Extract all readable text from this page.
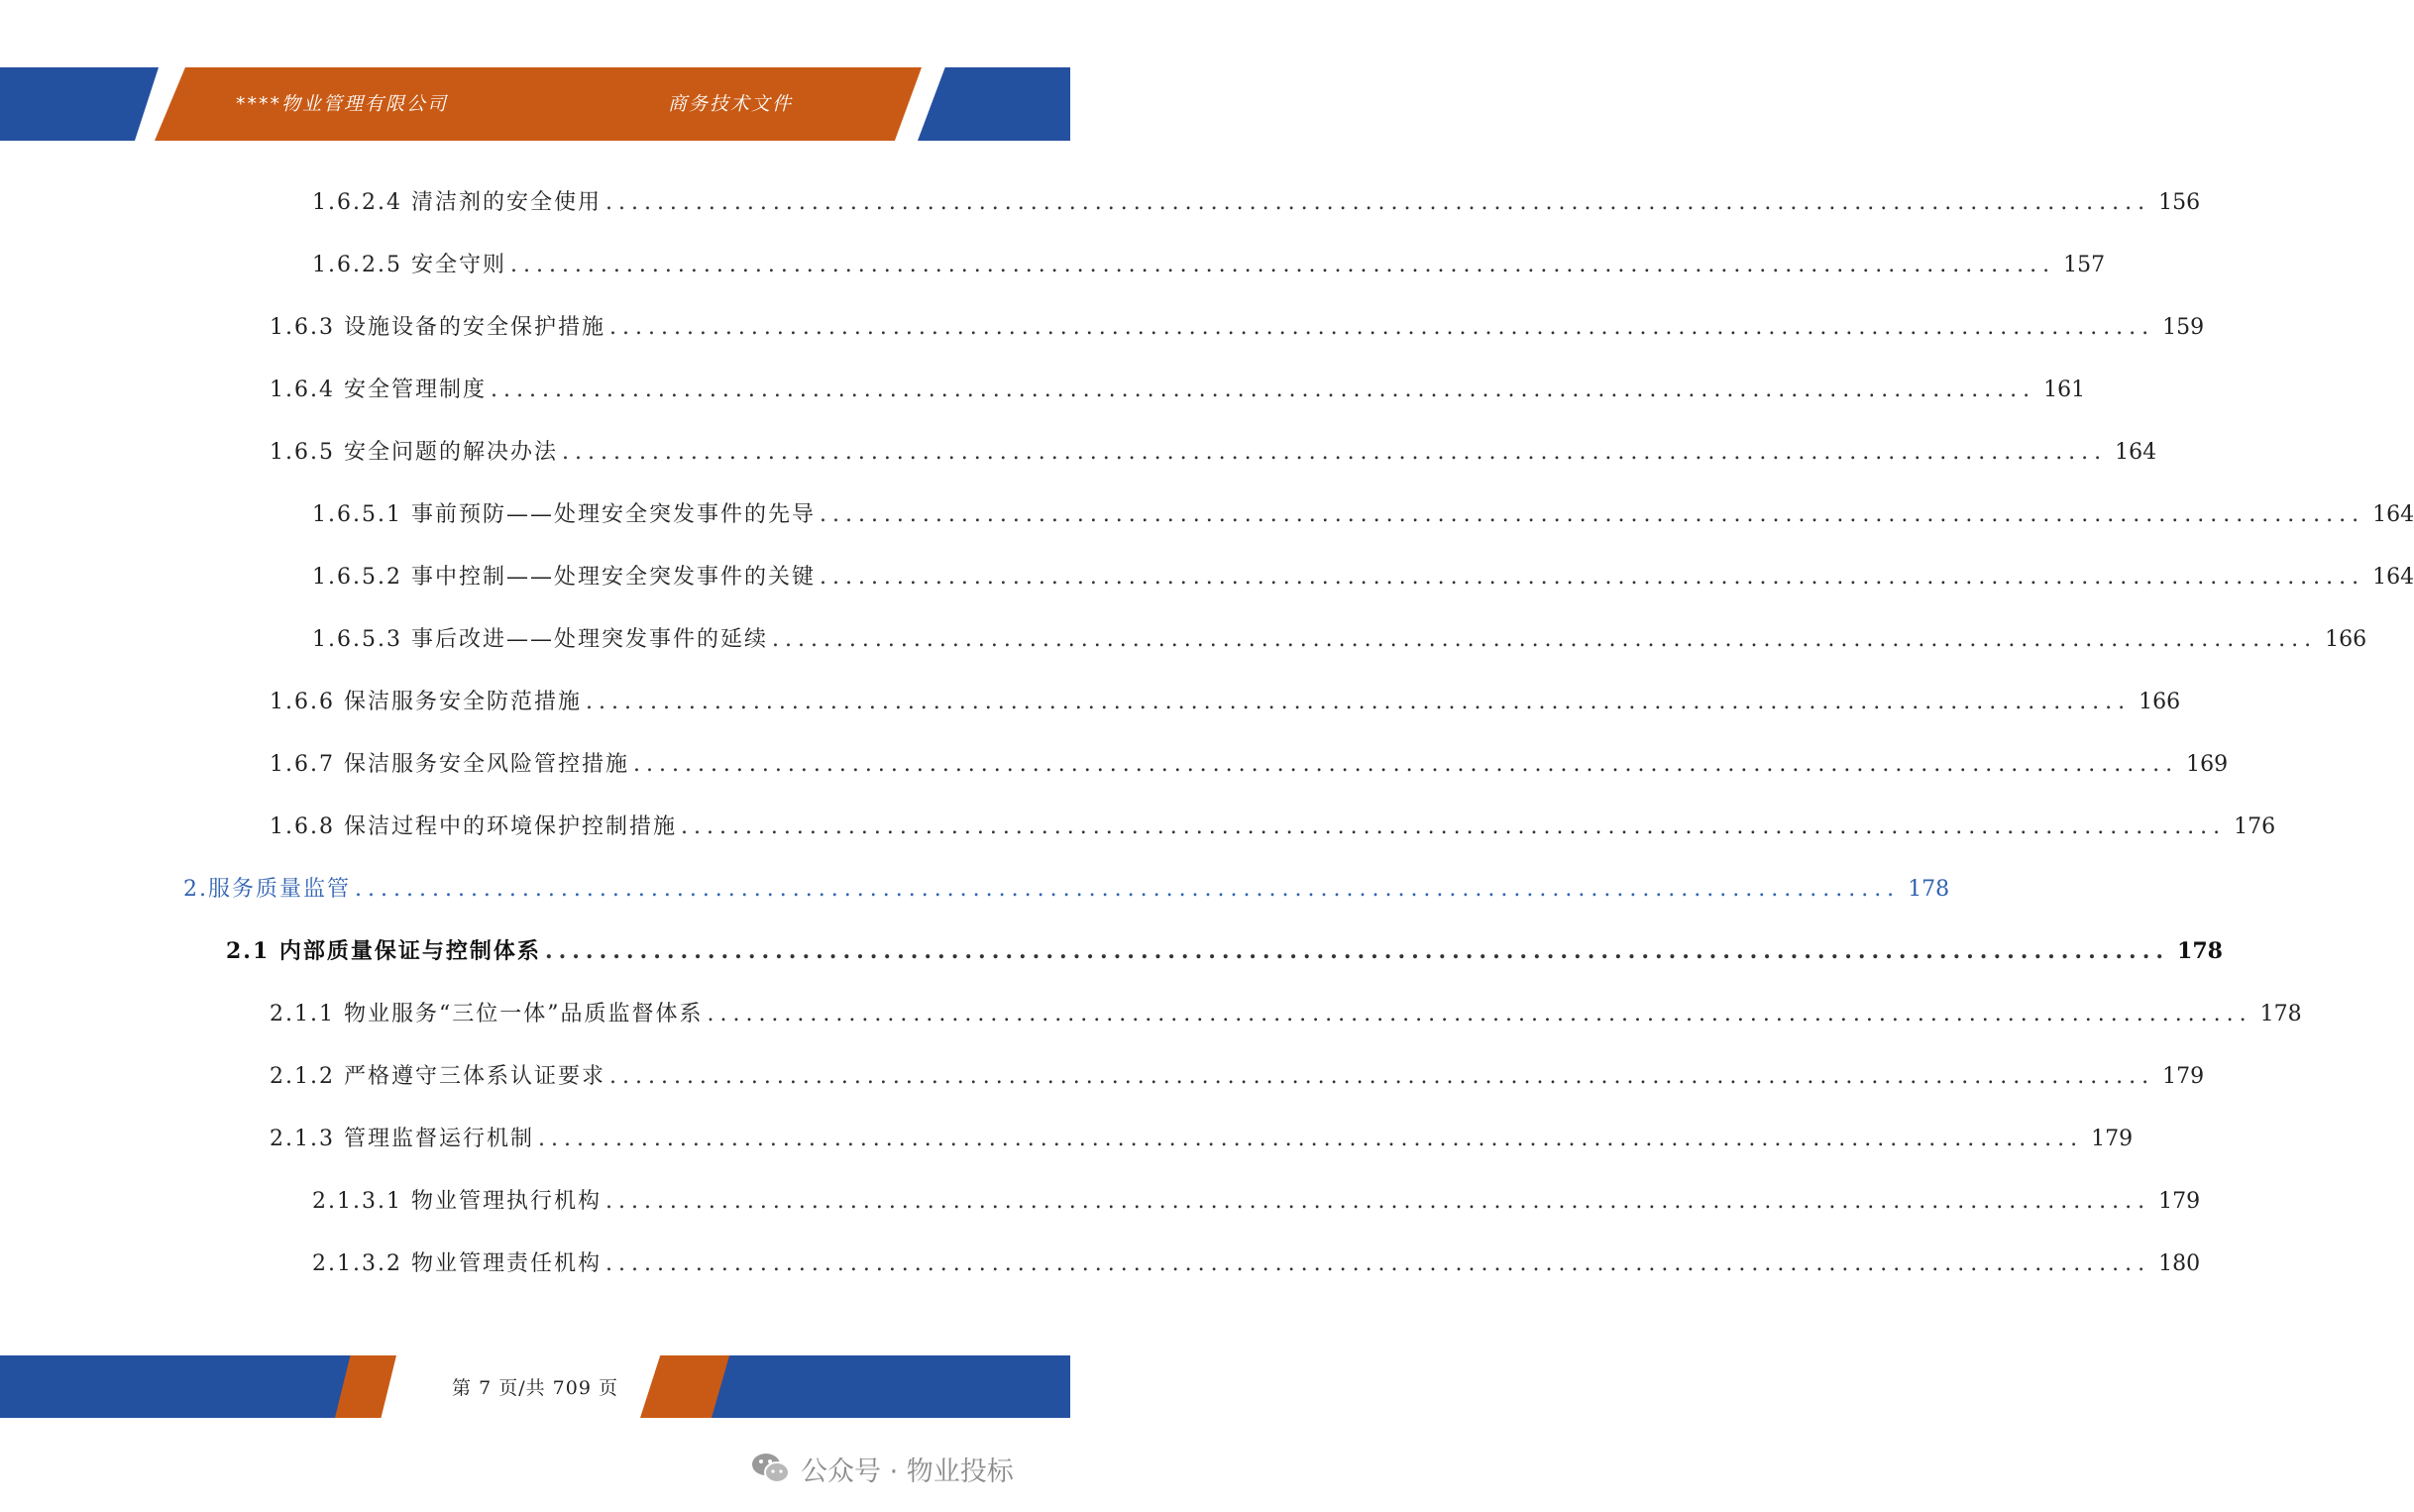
****物业管理有限公司	商务技术文件
1.6.2.4 清洁剂的安全使用 ........................................................................................................................ 156
1.6.2.5 安全守则 ........................................................................................................................ 157
1.6.3 设施设备的安全保护措施 ........................................................................................................................ 159
1.6.4 安全管理制度 ........................................................................................................................ 161
1.6.5 安全问题的解决办法 ........................................................................................................................ 164
1.6.5.1 事前预防——处理安全突发事件的先导 ........................................................................................................................ 164
1.6.5.2 事中控制——处理安全突发事件的关键 ........................................................................................................................ 164
1.6.5.3 事后改进——处理突发事件的延续 ........................................................................................................................ 166
1.6.6 保洁服务安全防范措施 ........................................................................................................................ 166
1.6.7 保洁服务安全风险管控措施 ........................................................................................................................ 169
1.6.8 保洁过程中的环境保护控制措施 ........................................................................................................................ 176
2.服务质量监管 ........................................................................................................................ 178
2.1 内部质量保证与控制体系 ........................................................................................................................ 178
2.1.1 物业服务“三位一体”品质监督体系 ........................................................................................................................ 178
2.1.2 严格遵守三体系认证要求 ........................................................................................................................ 179
2.1.3 管理监督运行机制 ........................................................................................................................ 179
2.1.3.1 物业管理执行机构 ........................................................................................................................ 179
2.1.3.2 物业管理责任机构 ........................................................................................................................ 180
第 7 页/共 709 页
公众号 · 物业投标
